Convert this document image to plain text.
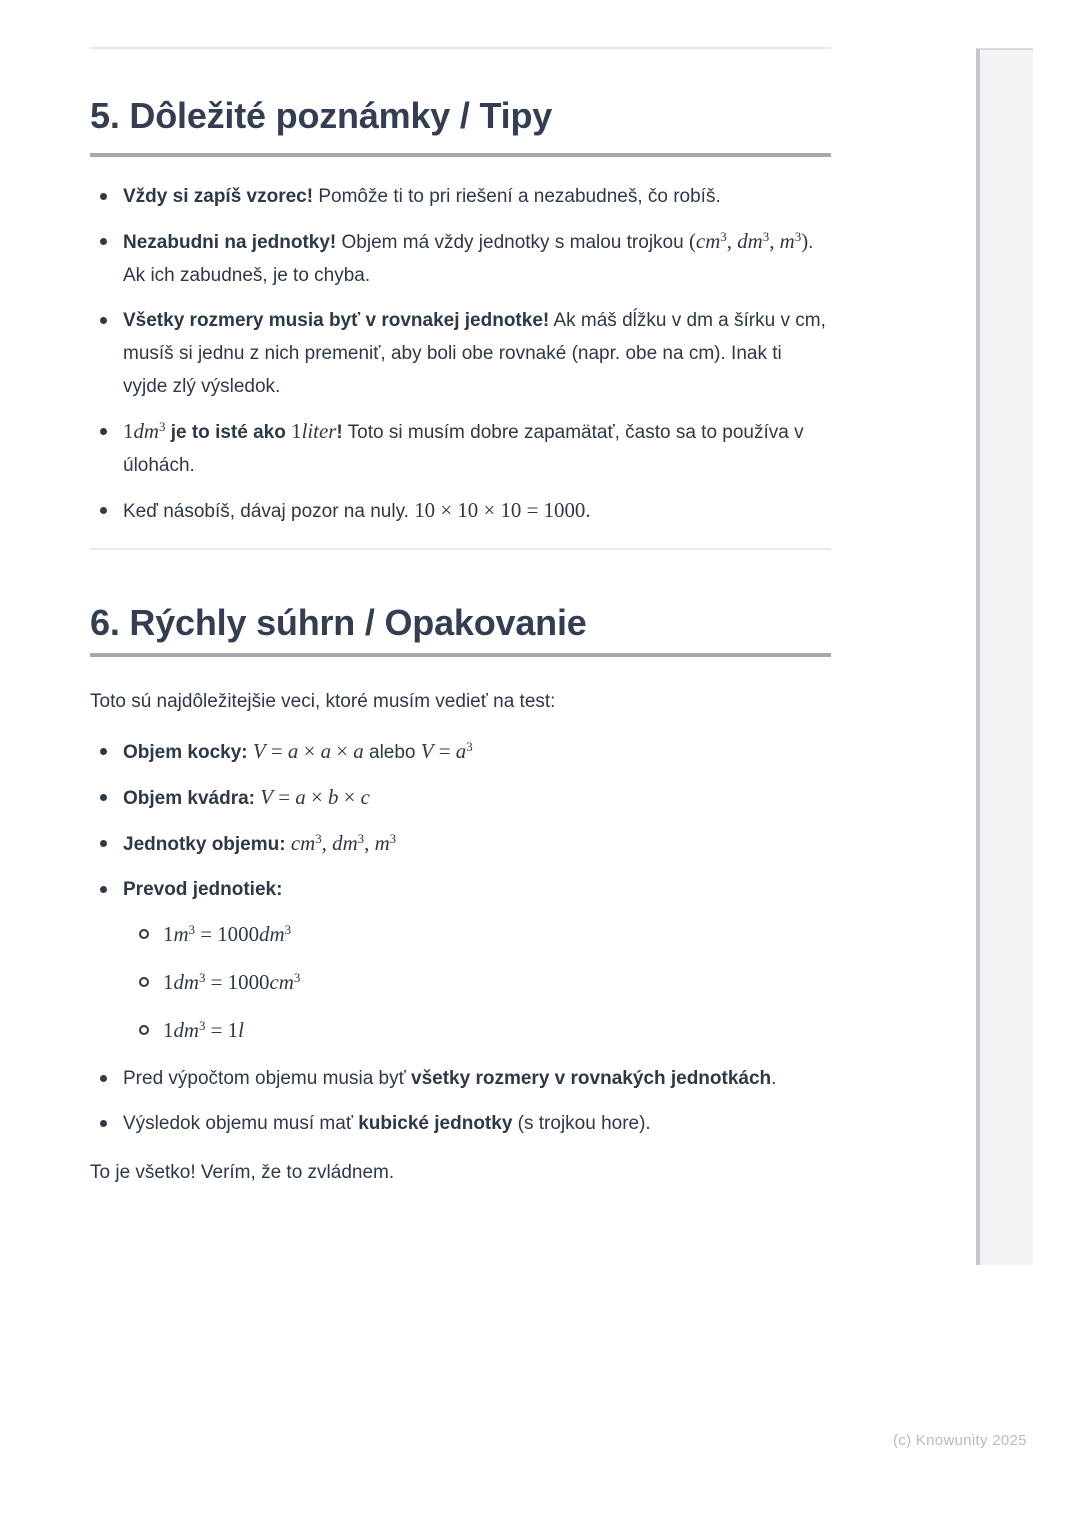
5. Dôležité poznámky / Tipy
Vždy si zapíš vzorec! Pomôže ti to pri riešení a nezabudneš, čo robíš.
Nezabudni na jednotky! Objem má vždy jednotky s malou trojkou ($cm^3$, $dm^3$, $m^3$). Ak ich zabudneš, je to chyba.
Všetky rozmery musia byť v rovnakej jednotke! Ak máš dĺžku v dm a šírku v cm, musíš si jednu z nich premeniť, aby boli obe rovnaké (napr. obe na cm). Inak ti vyjde zlý výsledok.
$1dm^3$ je to isté ako 1liter! Toto si musím dobre zapamätať, často sa to používa v úlohách.
Keď násobíš, dávaj pozor na nuly. 10 × 10 × 10 = 1000.
6. Rýchly súhrn / Opakovanie

Toto sú najdôležitejšie veci, ktoré musím vedieť na test:

Objem kocky: V = a × a × a alebo $V = a^3$
Objem kvádra: V = a × b × c
Jednotky objemu: $cm^3$, $dm^3$, $m^3$
Prevod jednotiek:
$1m^3 = 1000dm^3$
$1dm^3 = 1000cm^3$
$1dm^3 = 1l$
Pred výpočtom objemu musia byť všetky rozmery v rovnakých jednotkách.
Výsledok objemu musí mať kubické jednotky (s trojkou hore).

To je všetko! Verím, že to zvládnem.

(c) Knowunity 2025
